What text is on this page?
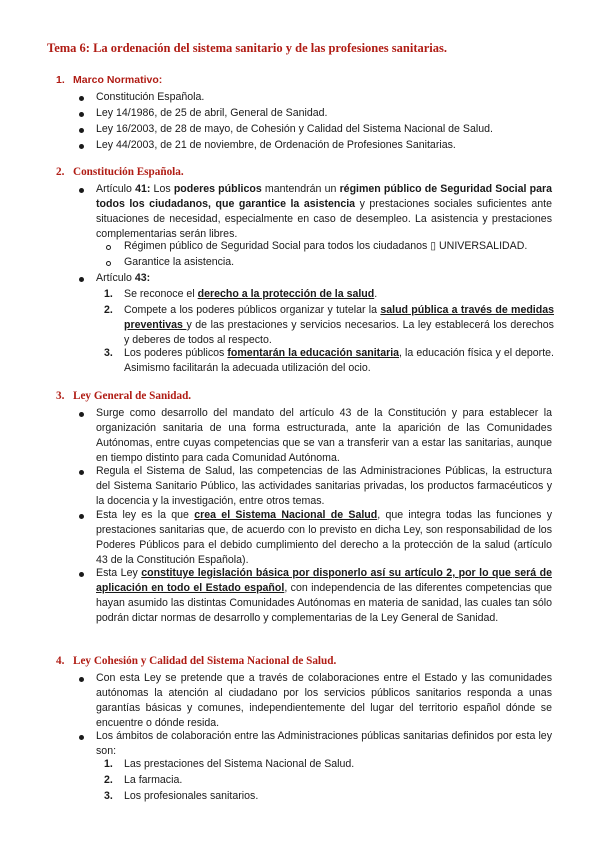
Tema 6: La ordenación del sistema sanitario y de las profesiones sanitarias.
1. Marco Normativo:
Constitución Española.
Ley 14/1986, de 25 de abril, General de Sanidad.
Ley 16/2003, de 28 de mayo, de Cohesión y Calidad del Sistema Nacional de Salud.
Ley 44/2003, de 21 de noviembre, de Ordenación de Profesiones Sanitarias.
2. Constitución Española.
Artículo 41: Los poderes públicos mantendrán un régimen público de Seguridad Social para todos los ciudadanos, que garantice la asistencia y prestaciones sociales suficientes ante situaciones de necesidad, especialmente en caso de desempleo. La asistencia y prestaciones complementarias serán libres.
Régimen público de Seguridad Social para todos los ciudadanos ▯ UNIVERSALIDAD.
Garantice la asistencia.
Artículo 43:
1. Se reconoce el derecho a la protección de la salud.
2. Compete a los poderes públicos organizar y tutelar la salud pública a través de medidas preventivas y de las prestaciones y servicios necesarios. La ley establecerá los derechos y deberes de todos al respecto.
3. Los poderes públicos fomentarán la educación sanitaria, la educación física y el deporte. Asimismo facilitarán la adecuada utilización del ocio.
3. Ley General de Sanidad.
Surge como desarrollo del mandato del artículo 43 de la Constitución y para establecer la organización sanitaria de una forma estructurada, ante la aparición de las Comunidades Autónomas, entre cuyas competencias que se van a transferir van a estar las sanitarias, aunque en tiempo distinto para cada Comunidad Autónoma.
Regula el Sistema de Salud, las competencias de las Administraciones Públicas, la estructura del Sistema Sanitario Público, las actividades sanitarias privadas, los productos farmacéuticos y la docencia y la investigación, entre otros temas.
Esta ley es la que crea el Sistema Nacional de Salud, que integra todas las funciones y prestaciones sanitarias que, de acuerdo con lo previsto en dicha Ley, son responsabilidad de los Poderes Públicos para el debido cumplimiento del derecho a la protección de la salud (artículo 43 de la Constitución Española).
Esta Ley constituye legislación básica por disponerlo así su artículo 2, por lo que será de aplicación en todo el Estado español, con independencia de las diferentes competencias que hayan asumido las distintas Comunidades Autónomas en materia de sanidad, las cuales tan sólo podrán dictar normas de desarrollo y complementarias de la Ley General de Sanidad.
4. Ley Cohesión y Calidad del Sistema Nacional de Salud.
Con esta Ley se pretende que a través de colaboraciones entre el Estado y las comunidades autónomas la atención al ciudadano por los servicios públicos sanitarios responda a unas garantías básicas y comunes, independientemente del lugar del territorio español dónde se encuentre o dónde resida.
Los ámbitos de colaboración entre las Administraciones públicas sanitarias definidos por esta ley son:
1. Las prestaciones del Sistema Nacional de Salud.
2. La farmacia.
3. Los profesionales sanitarios.
